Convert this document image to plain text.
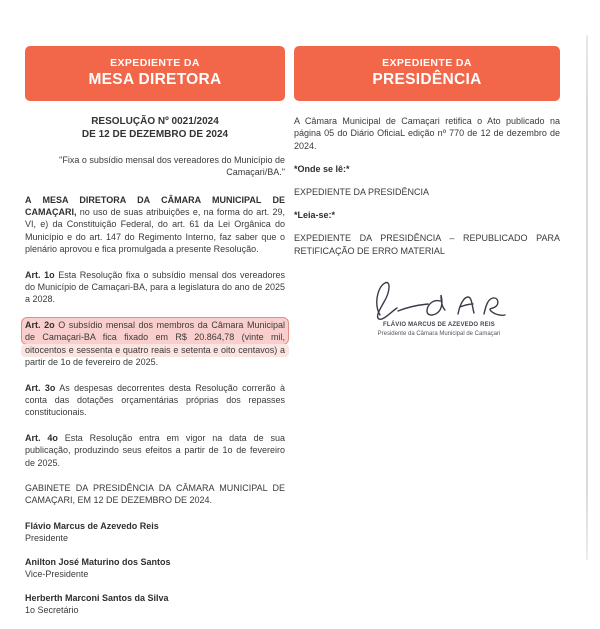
EXPEDIENTE DA
MESA DIRETORA
RESOLUÇÃO Nº 0021/2024
DE 12 DE DEZEMBRO DE 2024

"Fixa o subsídio mensal dos vereadores do Município de Camaçari/BA."

A MESA DIRETORA DA CÂMARA MUNICIPAL DE CAMAÇARI, no uso de suas atribuições e, na forma do art. 29, VI, e) da Constituição Federal, do art. 61 da Lei Orgânica do Município e do art. 147 do Regimento Interno, faz saber que o plenário aprovou e fica promulgada a presente Resolução.

Art. 1o Esta Resolução fixa o subsídio mensal dos vereadores do Município de Camaçari-BA, para a legislatura do ano de 2025 a 2028.

Art. 2o O subsídio mensal dos membros da Câmara Municipal de Camaçari-BA fica fixado em R$ 20.864,78 (vinte mil, oitocentos e sessenta e quatro reais e setenta e oito centavos) a partir de 1o de fevereiro de 2025.

Art. 3o As despesas decorrentes desta Resolução correrão à conta das dotações orçamentárias próprias dos repasses constitucionais.

Art. 4o Esta Resolução entra em vigor na data de sua publicação, produzindo seus efeitos a partir de 1o de fevereiro de 2025.

GABINETE DA PRESIDÊNCIA DA CÂMARA MUNICIPAL DE CAMAÇARI, EM 12 DE DEZEMBRO DE 2024.

Flávio Marcus de Azevedo Reis
Presidente
Anilton José Maturino dos Santos
Vice-Presidente
Herberth Marconi Santos da Silva
1o Secretário
EXPEDIENTE DA
PRESIDÊNCIA

A Câmara Municipal de Camaçari retifica o Ato publicado na página 05 do Diário OficiaL edição nº 770 de 12 de dezembro de 2024.

*Onde se lê:*

EXPEDIENTE DA PRESIDÊNCIA

*Leia-se:*

EXPEDIENTE DA PRESIDÊNCIA – REPUBLICADO PARA RETIFICAÇÃO DE ERRO MATERIAL

FLÁVIO MARCUS DE AZEVEDO REIS
Presidente da Câmara Municipal de Camaçari
